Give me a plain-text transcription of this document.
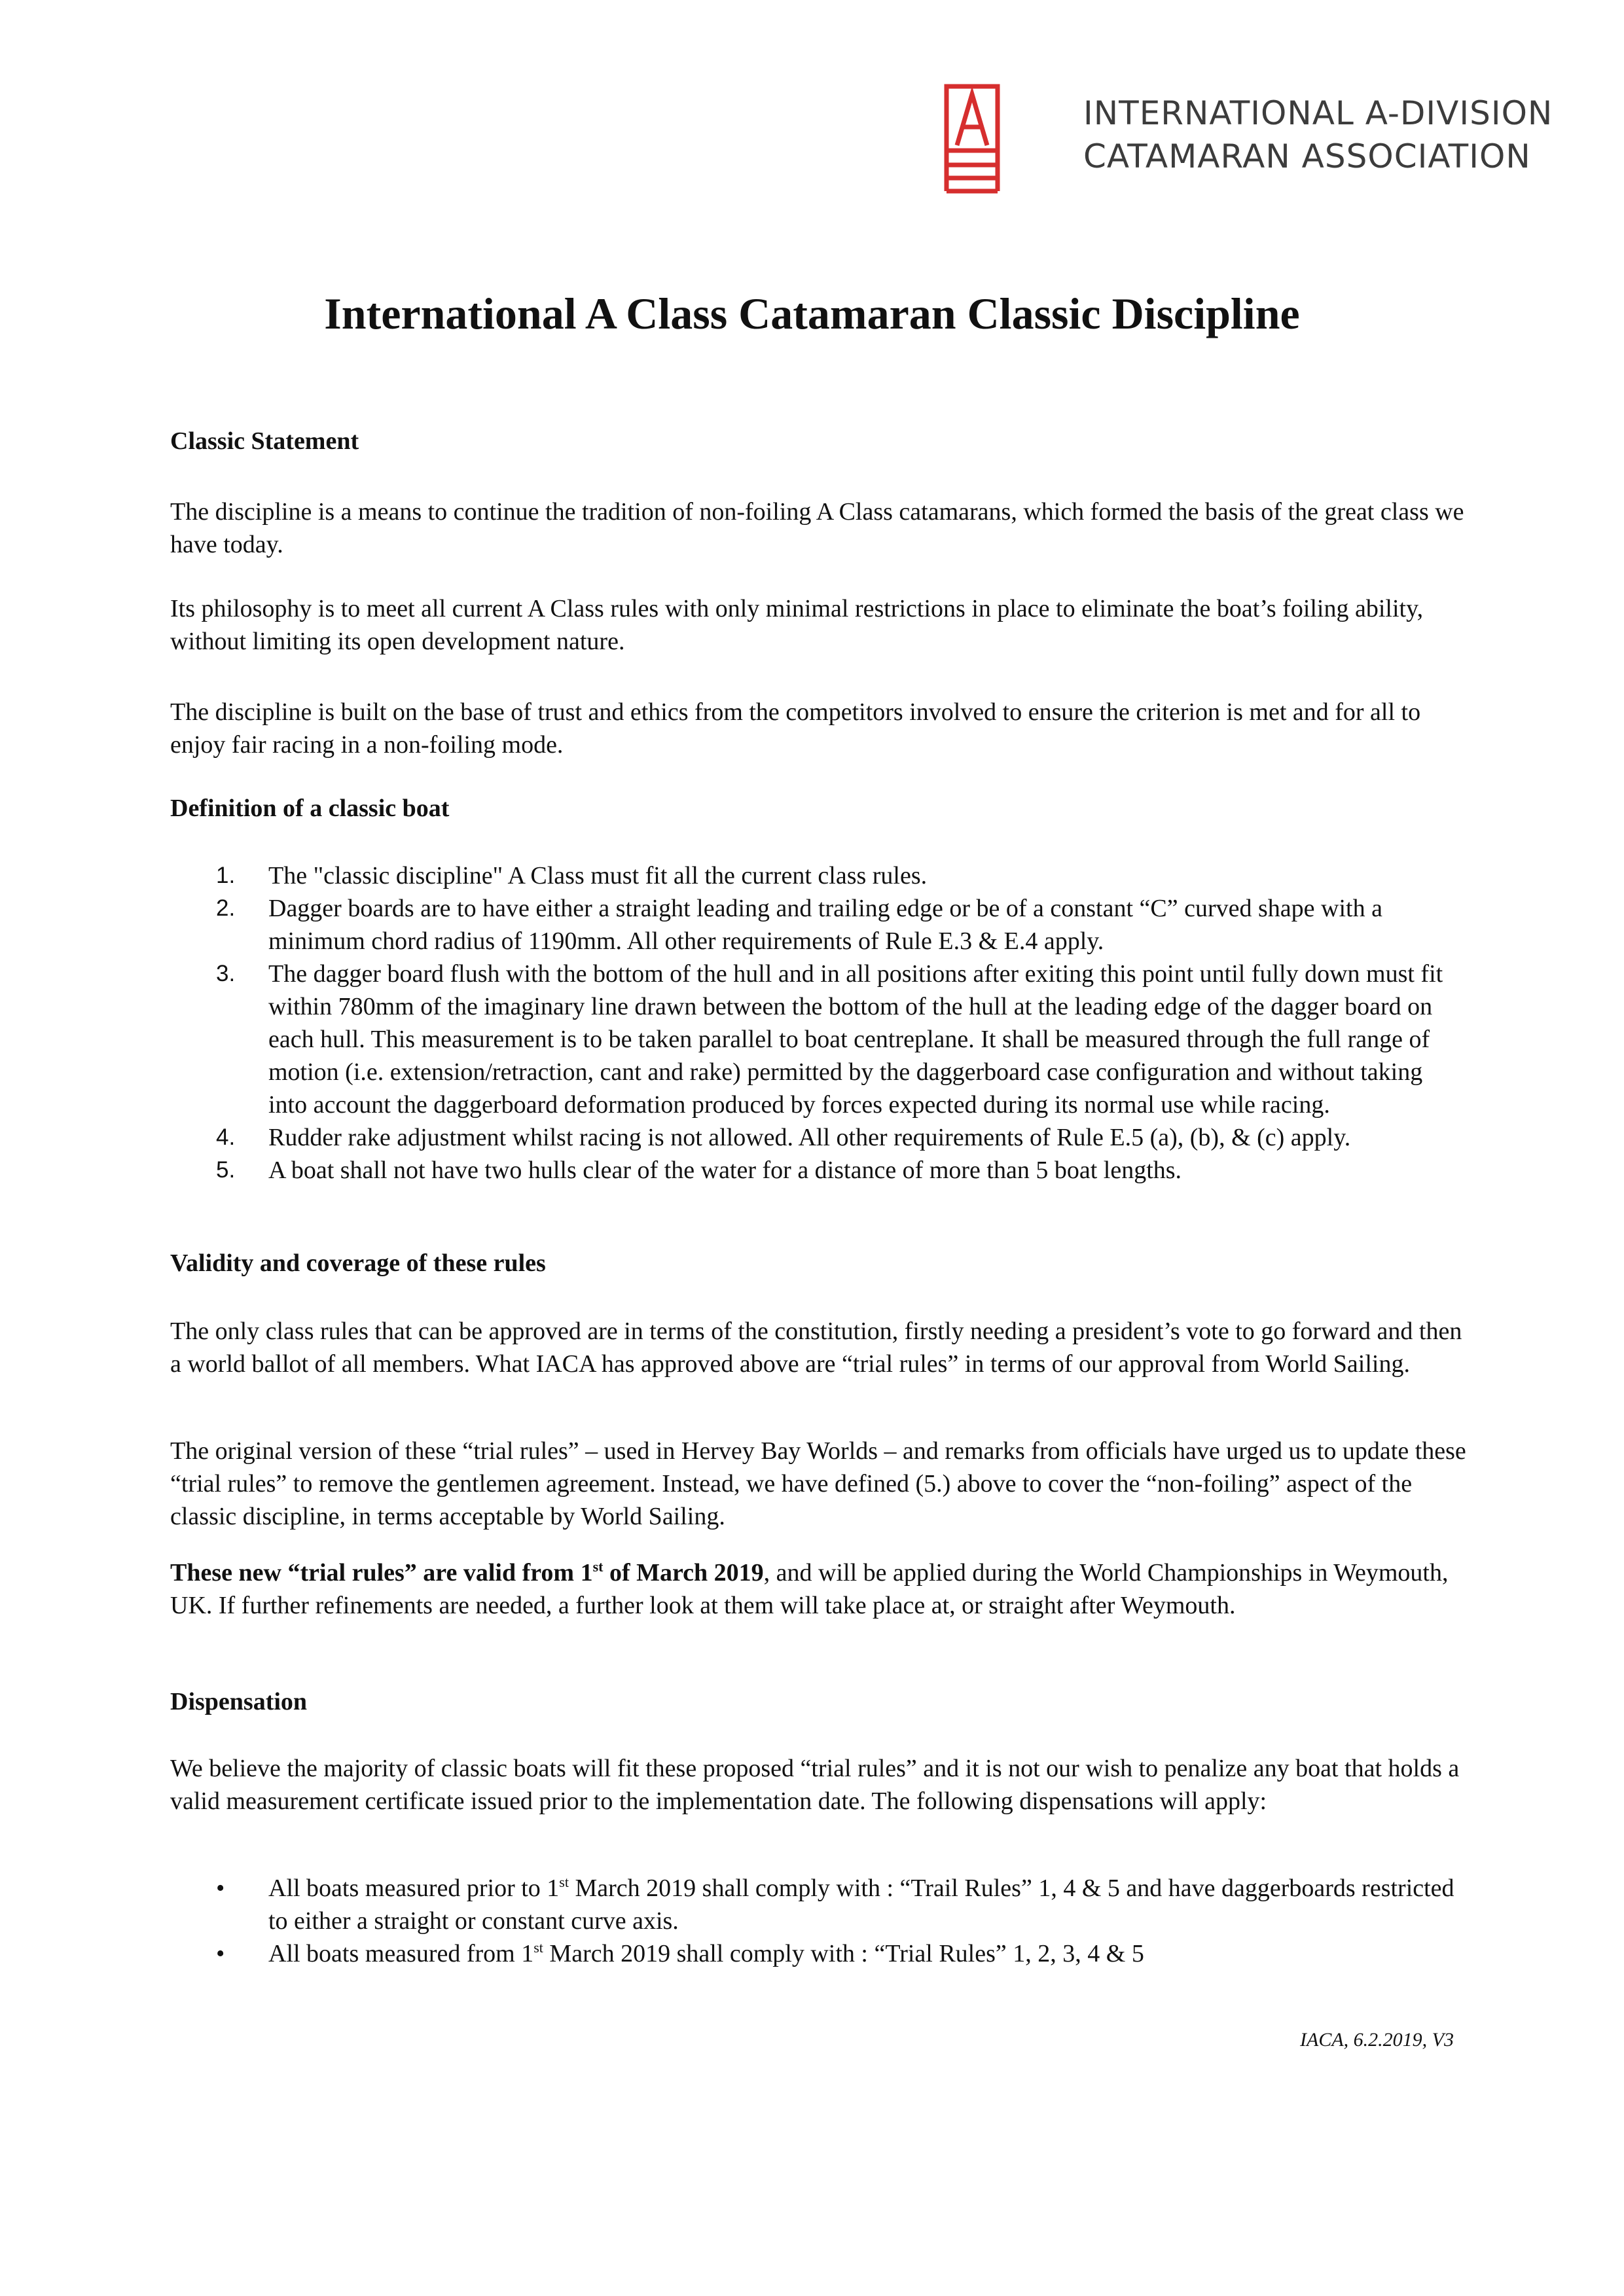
INTERNATIONAL A-DIVISION
CATAMARAN ASSOCIATION
International A Class Catamaran Classic Discipline
Classic Statement

The discipline is a means to continue the tradition of non-foiling A Class catamarans, which formed the basis of the great class we have today.

Its philosophy is to meet all current A Class rules with only minimal restrictions in place to eliminate the boat’s foiling ability, without limiting its open development nature.

The discipline is built on the base of trust and ethics from the competitors involved to ensure the criterion is met and for all to enjoy fair racing in a non-foiling mode.

Definition of a classic boat
1. The "classic discipline" A Class must fit all the current class rules.
2. Dagger boards are to have either a straight leading and trailing edge or be of a constant “C” curved shape with a minimum chord radius of 1190mm. All other requirements of Rule E.3 & E.4 apply.
3. The dagger board flush with the bottom of the hull and in all positions after exiting this point until fully down must fit within 780mm of the imaginary line drawn between the bottom of the hull at the leading edge of the dagger board on each hull. This measurement is to be taken parallel to boat centreplane. It shall be measured through the full range of motion (i.e. extension/retraction, cant and rake) permitted by the daggerboard case configuration and without taking into account the daggerboard deformation produced by forces expected during its normal use while racing.
4. Rudder rake adjustment whilst racing is not allowed. All other requirements of Rule E.5 (a), (b), & (c) apply.
5. A boat shall not have two hulls clear of the water for a distance of more than 5 boat lengths.
Validity and coverage of these rules

The only class rules that can be approved are in terms of the constitution, firstly needing a president’s vote to go forward and then a world ballot of all members. What IACA has approved above are “trial rules” in terms of our approval from World Sailing.

The original version of these “trial rules” – used in Hervey Bay Worlds – and remarks from officials have urged us to update these “trial rules” to remove the gentlemen agreement. Instead, we have defined (5.) above to cover the “non-foiling” aspect of the classic discipline, in terms acceptable by World Sailing.

These new “trial rules” are valid from 1st of March 2019, and will be applied during the World Championships in Weymouth, UK. If further refinements are needed, a further look at them will take place at, or straight after Weymouth.

Dispensation

We believe the majority of classic boats will fit these proposed “trial rules” and it is not our wish to penalize any boat that holds a valid measurement certificate issued prior to the implementation date. The following dispensations will apply:

• All boats measured prior to 1st March 2019 shall comply with : “Trail Rules” 1, 4 & 5 and have daggerboards restricted to either a straight or constant curve axis.
• All boats measured from 1st March 2019 shall comply with : “Trial Rules” 1, 2, 3, 4 & 5

IACA, 6.2.2019, V3
